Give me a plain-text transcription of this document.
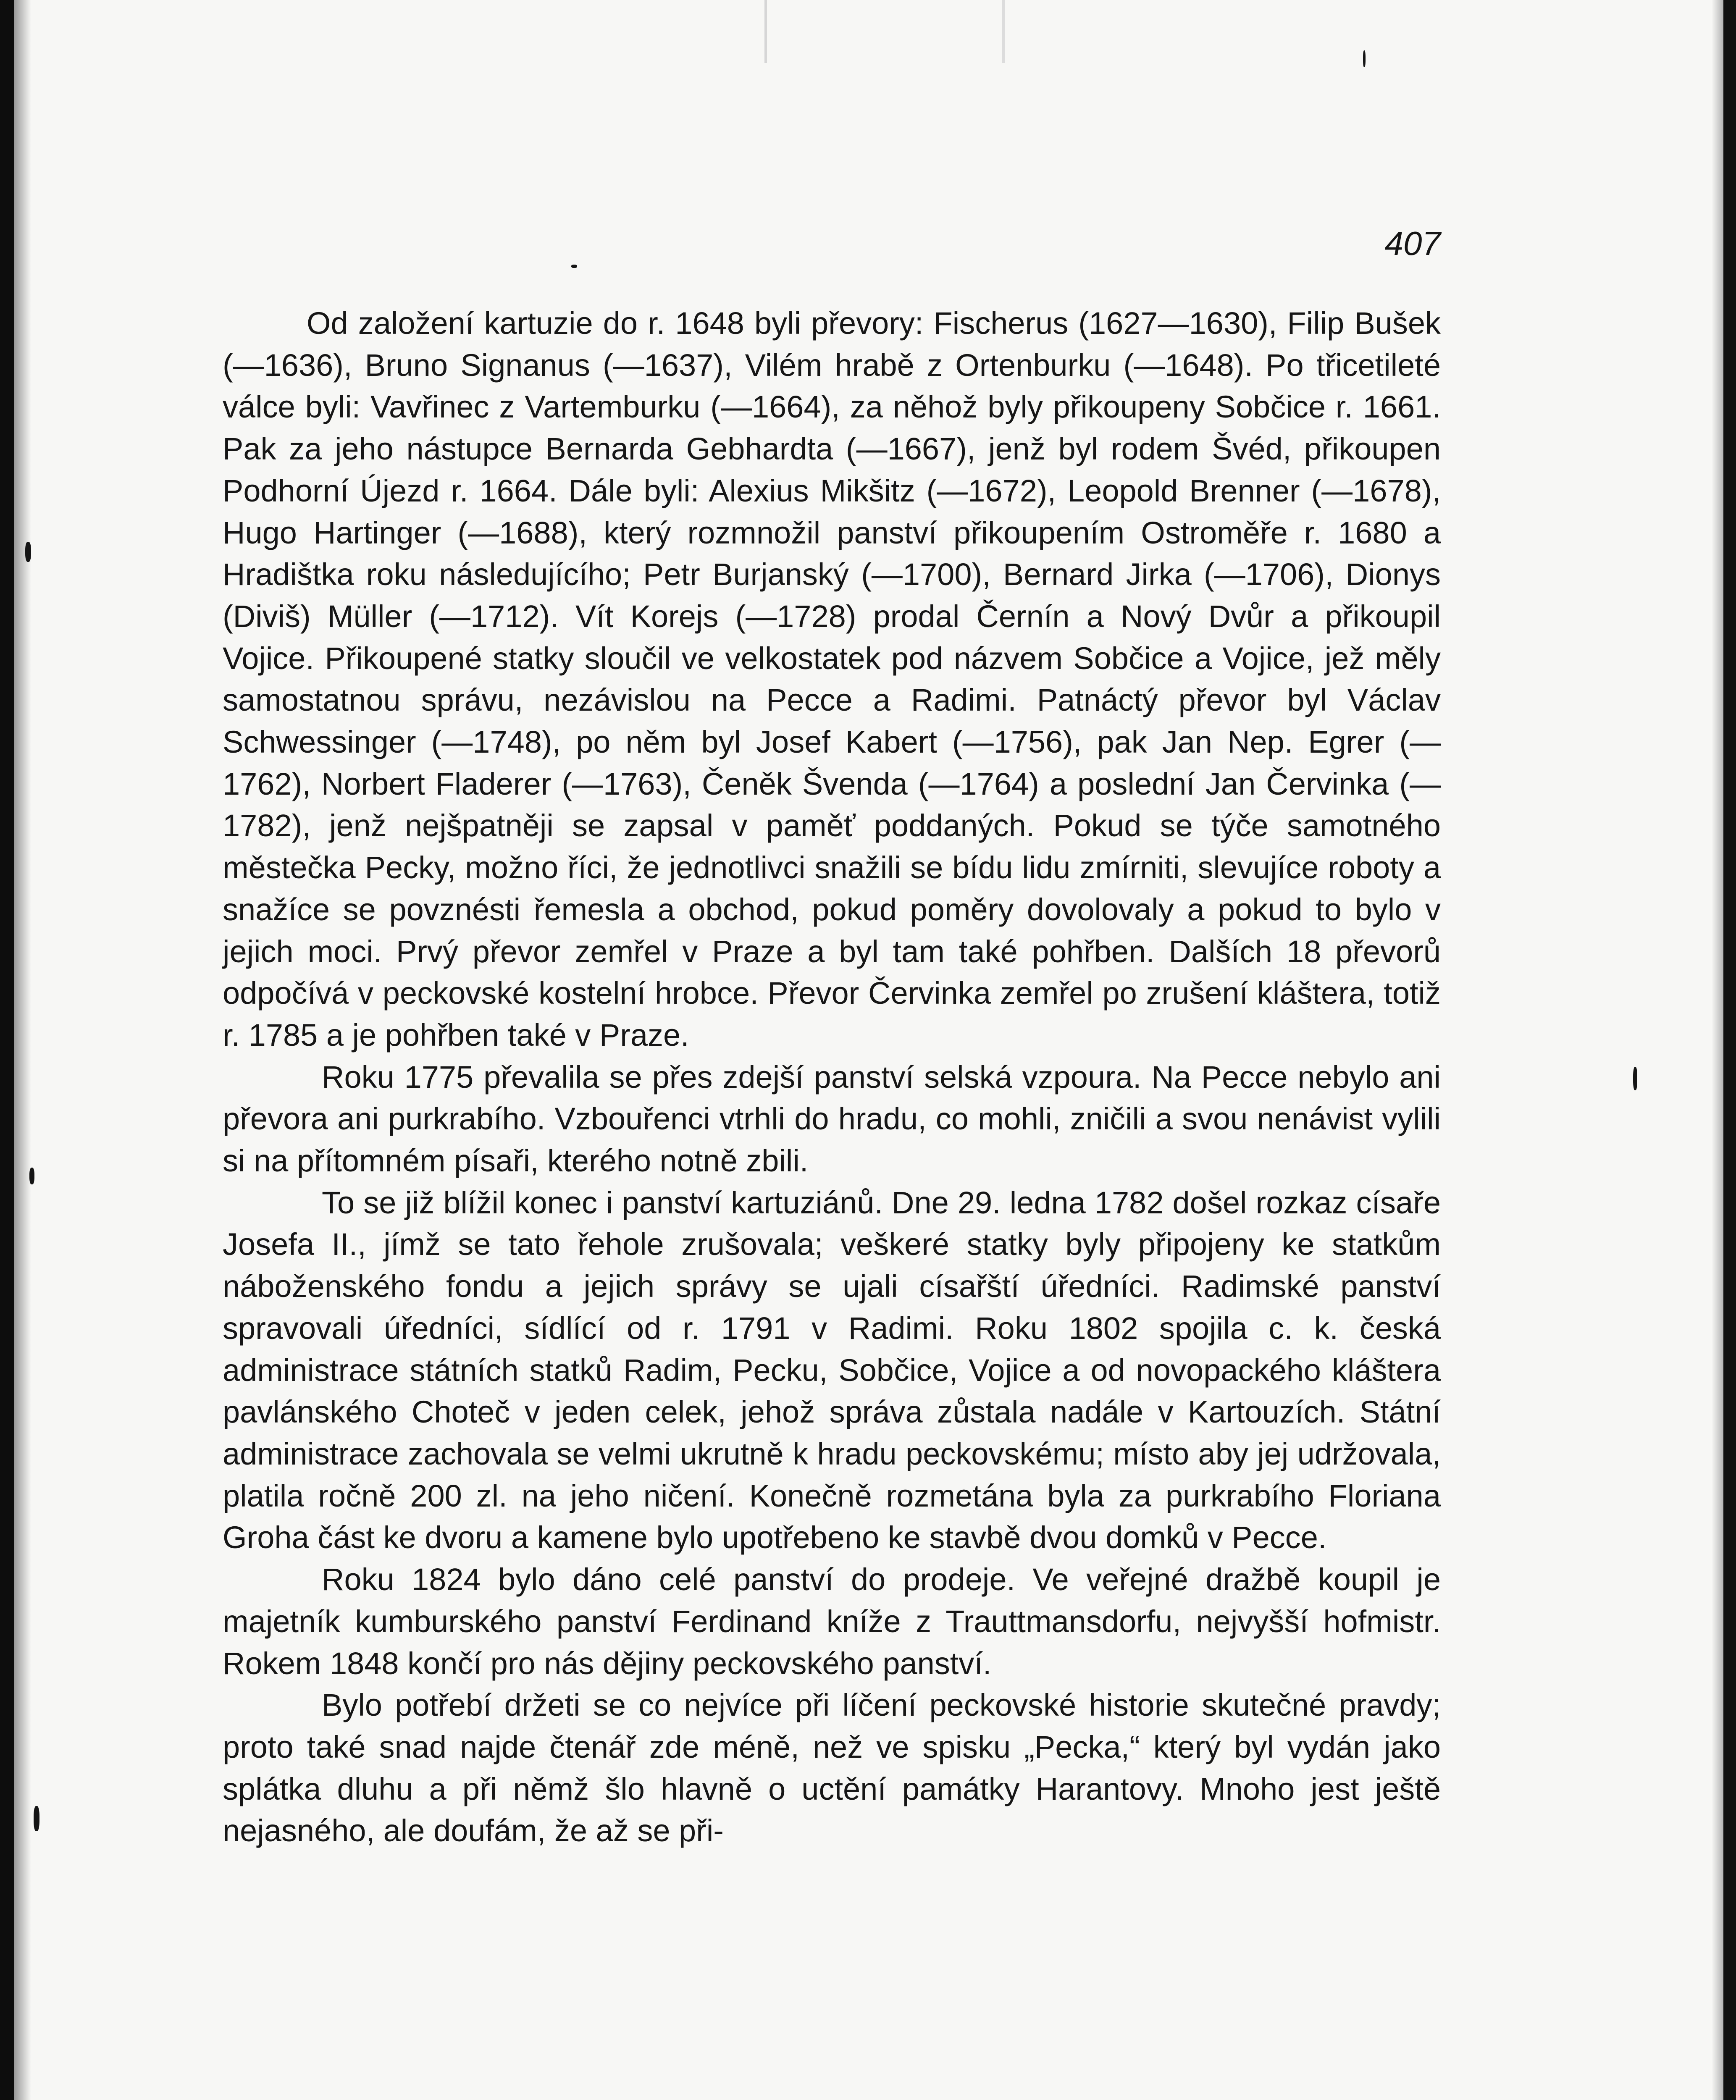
407

Od založení kartuzie do r. 1648 byli převory: Fischerus (1627—1630), Filip Bušek (—1636), Bruno Signanus (—1637), Vilém hrabě z Ortenburku (—1648). Po třicetileté válce byli: Vavřinec z Vartemburku (—1664), za něhož byly přikoupeny Sobčice r. 1661. Pak za jeho nástupce Bernarda Gebhardta (—1667), jenž byl rodem Švéd, přikoupen Podhorní Újezd r. 1664. Dále byli: Alexius Mikšitz (—1672), Leopold Brenner (—1678), Hugo Hartinger (—1688), který rozmnožil panství přikoupením Ostroměře r. 1680 a Hradištka roku následujícího; Petr Burjanský (—1700), Bernard Jirka (—1706), Dionys (Diviš) Müller (—1712). Vít Korejs (—1728) prodal Černín a Nový Dvůr a přikoupil Vojice. Přikoupené statky sloučil ve velkostatek pod názvem Sobčice a Vojice, jež měly samostatnou správu, nezávislou na Pecce a Radimi. Patnáctý převor byl Václav Schwessinger (—1748), po něm byl Josef Kabert (—1756), pak Jan Nep. Egrer (—1762), Norbert Fladerer (—1763), Čeněk Švenda (—1764) a poslední Jan Červinka (—1782), jenž nejšpatněji se zapsal v paměť poddaných. Pokud se týče samotného městečka Pecky, možno říci, že jednotlivci snažili se bídu lidu zmírniti, slevujíce roboty a snažíce se povznésti řemesla a obchod, pokud poměry dovolovaly a pokud to bylo v jejich moci. Prvý převor zemřel v Praze a byl tam také pohřben. Dalších 18 převorů odpočívá v peckovské kostelní hrobce. Převor Červinka zemřel po zrušení kláštera, totiž r. 1785 a je pohřben také v Praze.

Roku 1775 převalila se přes zdejší panství selská vzpoura. Na Pecce nebylo ani převora ani purkrabího. Vzbouřenci vtrhli do hradu, co mohli, zničili a svou nenávist vylili si na přítomném písaři, kterého notně zbili.

To se již blížil konec i panství kartuziánů. Dne 29. ledna 1782 došel rozkaz císaře Josefa II., jímž se tato řehole zrušovala; veškeré statky byly připojeny ke statkům náboženského fondu a jejich správy se ujali císařští úředníci. Radimské panství spravovali úředníci, sídlící od r. 1791 v Radimi. Roku 1802 spojila c. k. česká administrace státních statků Radim, Pecku, Sobčice, Vojice a od novopackého kláštera pavlánského Choteč v jeden celek, jehož správa zůstala nadále v Kartouzích. Státní administrace zachovala se velmi ukrutně k hradu peckovskému; místo aby jej udržovala, platila ročně 200 zl. na jeho ničení. Konečně rozmetána byla za purkrabího Floriana Groha část ke dvoru a kamene bylo upotřebeno ke stavbě dvou domků v Pecce.

Roku 1824 bylo dáno celé panství do prodeje. Ve veřejné dražbě koupil je majetník kumburského panství Ferdinand kníže z Trauttmansdorfu, nejvyšší hofmistr. Rokem 1848 končí pro nás dějiny peckovského panství.

Bylo potřebí držeti se co nejvíce při líčení peckovské historie skutečné pravdy; proto také snad najde čtenář zde méně, než ve spisku „Pecka,“ který byl vydán jako splátka dluhu a při němž šlo hlavně o uctění památky Harantovy. Mnoho jest ještě nejasného, ale doufám, že až se při-
